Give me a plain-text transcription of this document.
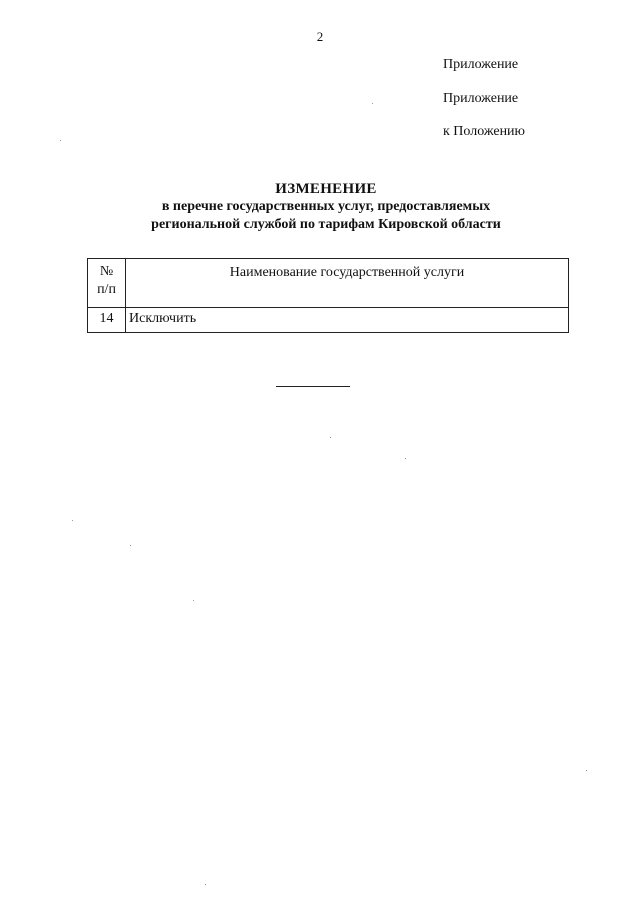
2
Приложение
Приложение
к Положению
ИЗМЕНЕНИЕ
в перечне государственных услуг, предоставляемых
региональной службой по тарифам Кировской области
№
п/п	Наименование государственной услуги
14	Исключить
